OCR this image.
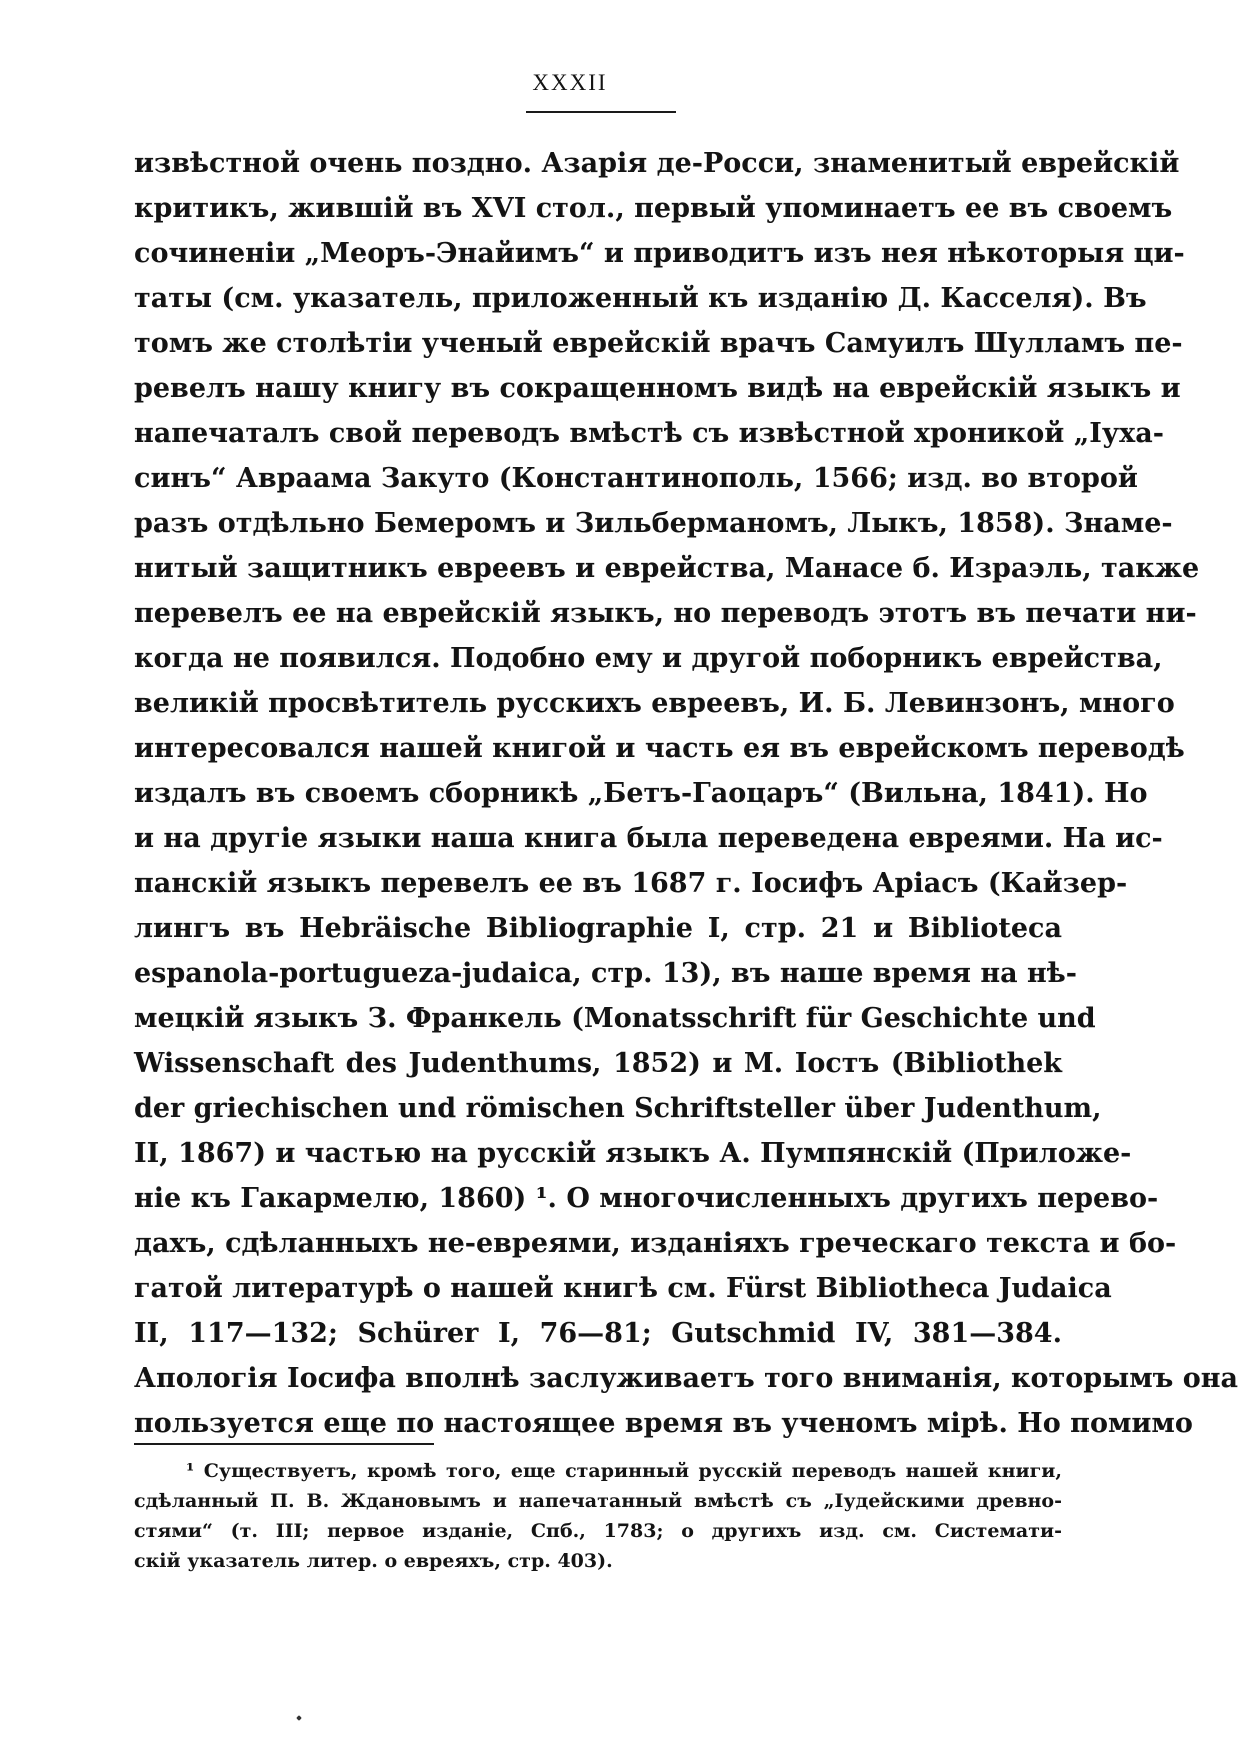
XXXII
извѣстной очень поздно. Азарія де-Росси, знаменитый еврейскій
критикъ, жившій въ XVI стол., первый упоминаетъ ее въ своемъ
сочиненіи „Меоръ-Энайимъ“ и приводитъ изъ нея нѣкоторыя ци-
таты (см. указатель, приложенный къ изданію Д. Касселя). Въ
томъ же столѣтіи ученый еврейскій врачъ Самуилъ Шулламъ пе-
ревелъ нашу книгу въ сокращенномъ видѣ на еврейскій языкъ и
напечаталъ свой переводъ вмѣстѣ съ извѣстной хроникой „Іуха-
синъ“ Авраама Закуто (Константинополь, 1566; изд. во второй
разъ отдѣльно Бемеромъ и Зильберманомъ, Лыкъ, 1858). Знаме-
нитый защитникъ евреевъ и еврейства, Манасе б. Израэль, также
перевелъ ее на еврейскій языкъ, но переводъ этотъ въ печати ни-
когда не появился. Подобно ему и другой поборникъ еврейства,
великій просвѣтитель русскихъ евреевъ, И. Б. Левинзонъ, много
интересовался нашей книгой и часть ея въ еврейскомъ переводѣ
издалъ въ своемъ сборникѣ „Бетъ-Гаоцаръ“ (Вильна, 1841). Но
и на другіе языки наша книга была переведена евреями. На ис-
панскій языкъ перевелъ ее въ 1687 г. Іосифъ Аріасъ (Кайзер-
лингъ въ Hebräische Bibliographie I, стр. 21 и Biblioteca
espanola-portugueza-judaica, стр. 13), въ наше время на нѣ-
мецкій языкъ З. Франкель (Monatsschrift für Geschichte und
Wissenschaft des Judenthums, 1852) и М. Іостъ (Bibliothek
der griechischen und römischen Schriftsteller über Judenthum,
II, 1867) и частью на русскій языкъ А. Пумпянскій (Приложе-
ніе къ Гакармелю, 1860) ¹. О многочисленныхъ другихъ перево-
дахъ, сдѣланныхъ не-евреями, изданіяхъ греческаго текста и бо-
гатой литературѣ о нашей книгѣ см. Fürst Bibliotheca Judaica
II, 117—132; Schürer I, 76—81; Gutschmid IV, 381—384.
Апологія Іосифа вполнѣ заслуживаетъ того вниманія, которымъ она
пользуется еще по настоящее время въ ученомъ мірѣ. Но помимо
¹ Существуетъ, кромѣ того, еще старинный русскій переводъ нашей книги,
сдѣланный П. В. Ждановымъ и напечатанный вмѣстѣ съ „Іудейскими древно-
стями“ (т. III; первое изданіе, Спб., 1783; о другихъ изд. см. Системати-
скій указатель литер. о евреяхъ, стр. 403).
